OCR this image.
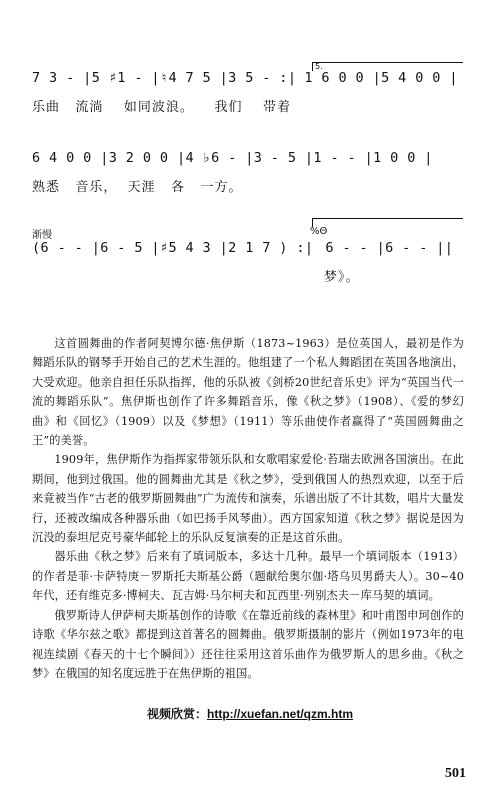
5.
7 3 - |5 ♯1 - |♮4 7 5 |3 5 - :| 1 6 0 0 |5 4 0 0 |
乐曲   流淌    如同波浪。    我们    带着
6 4 0 0 |3 2 0 0 |4 ♭6 - |3 - 5 |1 - - |1 0 0 |
熟悉   音乐，  天涯   各   一方。
渐慢	%Θ
(6 - - |6 - 5 |♯5 4 3 |2 1 7 ) :| 6 - - |6 - - ||
梦》。

这首圆舞曲的作者阿契博尔德·焦伊斯（1873~1963）是位英国人，最初是作为舞蹈乐队的钢琴手开始自己的艺术生涯的。他组建了一个私人舞蹈团在英国各地演出，大受欢迎。他亲自担任乐队指挥，他的乐队被《剑桥20世纪音乐史》评为“英国当代一流的舞蹈乐队”。焦伊斯也创作了许多舞蹈音乐，像《秋之梦》（1908）、《爱的梦幻曲》和《回忆》（1909）以及《梦想》（1911）等乐曲使作者赢得了“英国圆舞曲之王”的美誉。

1909年，焦伊斯作为指挥家带领乐队和女歌唱家爱伦·苔瑞去欧洲各国演出。在此期间，他到过俄国。他的圆舞曲尤其是《秋之梦》，受到俄国人的热烈欢迎，以至于后来竟被当作“古老的俄罗斯圆舞曲”广为流传和演奏，乐谱出版了不计其数，唱片大量发行，还被改编成各种器乐曲（如巴扬手风琴曲）。西方国家知道《秋之梦》据说是因为沉没的泰坦尼克号豪华邮轮上的乐队反复演奏的正是这首乐曲。

器乐曲《秋之梦》后来有了填词版本，多达十几种。最早一个填词版本（1913）的作者是菲·卡萨特庚－罗斯托夫斯基公爵（题献给奥尔伽·塔乌贝男爵夫人）。30~40年代，还有维克多·博柯夫、瓦吉姆·马尔柯夫和瓦西里·列别杰夫－库马契的填词。

俄罗斯诗人伊萨柯夫斯基创作的诗歌《在靠近前线的森林里》和叶甫图申珂创作的诗歌《华尔兹之歌》都提到这首著名的圆舞曲。俄罗斯摄制的影片（例如1973年的电视连续剧《春天的十七个瞬间》）还往往采用这首乐曲作为俄罗斯人的思乡曲。《秋之梦》在俄国的知名度远胜于在焦伊斯的祖国。

视频欣赏：http://xuefan.net/qzm.htm
501
